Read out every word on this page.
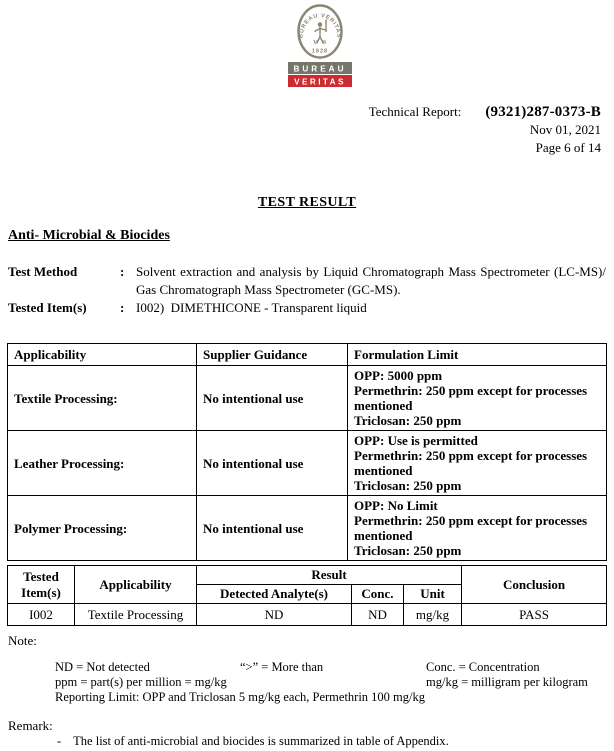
BUREAU VERITAS
V S
1828
BUREAU
VERITAS
Technical Report: (9321)287-0373-B
Nov 01, 2021
Page 6 of 14
TEST RESULT
Anti- Microbial & Biocides
Test Method	: Solvent extraction and analysis by Liquid Chromatograph Mass Spectrometer (LC-MS)/ Gas Chromatograph Mass Spectrometer (GC-MS).
Tested Item(s)	: I002)  DIMETHICONE - Transparent liquid
Applicability	Supplier Guidance	Formulation Limit
Textile Processing:	No intentional use	OPP: 5000 ppm
Permethrin: 250 ppm except for processes mentioned
Triclosan: 250 ppm

Leather Processing:	No intentional use	OPP: Use is permitted
Permethrin: 250 ppm except for processes mentioned
Triclosan: 250 ppm

Polymer Processing:	No intentional use	OPP: No Limit
Permethrin: 250 ppm except for processes mentioned
Triclosan: 250 ppm
Tested Item(s)	Applicability	Result			Conclusion
		Detected Analyte(s)	Conc.	Unit	
I002	Textile Processing	ND	ND	mg/kg	PASS
Note:
ND = Not detected	“>” = More than	Conc. = Concentration
ppm = part(s) per million = mg/kg	mg/kg = milligram per kilogram
Reporting Limit: OPP and Triclosan 5 mg/kg each, Permethrin 100 mg/kg
Remark:
- The list of anti-microbial and biocides is summarized in table of Appendix.
